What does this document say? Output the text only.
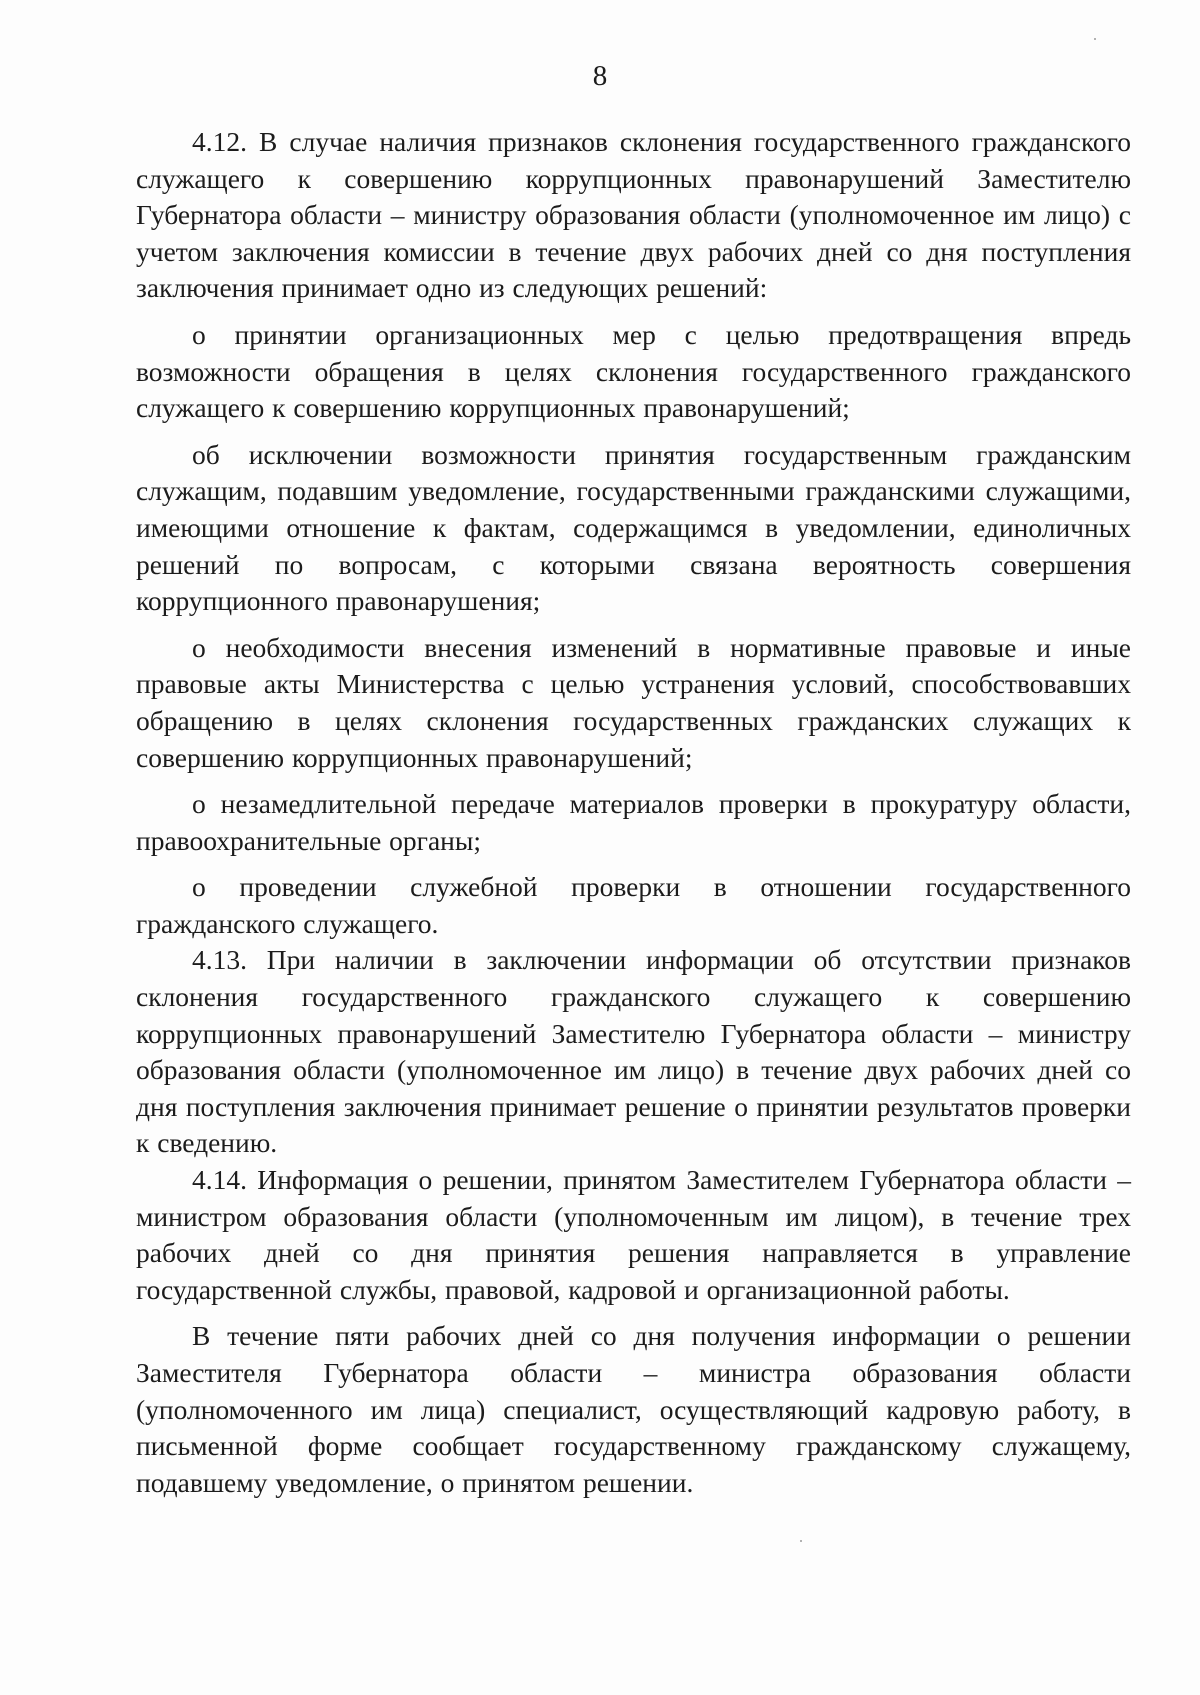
8

4.12. В случае наличия признаков склонения государственного гражданского служащего к совершению коррупционных правонарушений Заместителю Губернатора области – министру образования области (уполномоченное им лицо) с учетом заключения комиссии в течение двух рабочих дней со дня поступления заключения принимает одно из следующих решений:

о принятии организационных мер с целью предотвращения впредь возможности обращения в целях склонения государственного гражданского служащего к совершению коррупционных правонарушений;

об исключении возможности принятия государственным гражданским служащим, подавшим уведомление, государственными гражданскими служащими, имеющими отношение к фактам, содержащимся в уведомлении, единоличных решений по вопросам, с которыми связана вероятность совершения коррупционного правонарушения;

о необходимости внесения изменений в нормативные правовые и иные правовые акты Министерства с целью устранения условий, способствовавших обращению в целях склонения государственных гражданских служащих к совершению коррупционных правонарушений;

о незамедлительной передаче материалов проверки в прокуратуру области, правоохранительные органы;

о проведении служебной проверки в отношении государственного гражданского служащего.

4.13. При наличии в заключении информации об отсутствии признаков склонения государственного гражданского служащего к совершению коррупционных правонарушений Заместителю Губернатора области – министру образования области (уполномоченное им лицо) в течение двух рабочих дней со дня поступления заключения принимает решение о принятии результатов проверки к сведению.

4.14. Информация о решении, принятом Заместителем Губернатора области – министром образования области (уполномоченным им лицом), в течение трех рабочих дней со дня принятия решения направляется в управление государственной службы, правовой, кадровой и организационной работы.

В течение пяти рабочих дней со дня получения информации о решении Заместителя Губернатора области – министра образования области (уполномоченного им лица) специалист, осуществляющий кадровую работу, в письменной форме сообщает государственному гражданскому служащему, подавшему уведомление, о принятом решении.
